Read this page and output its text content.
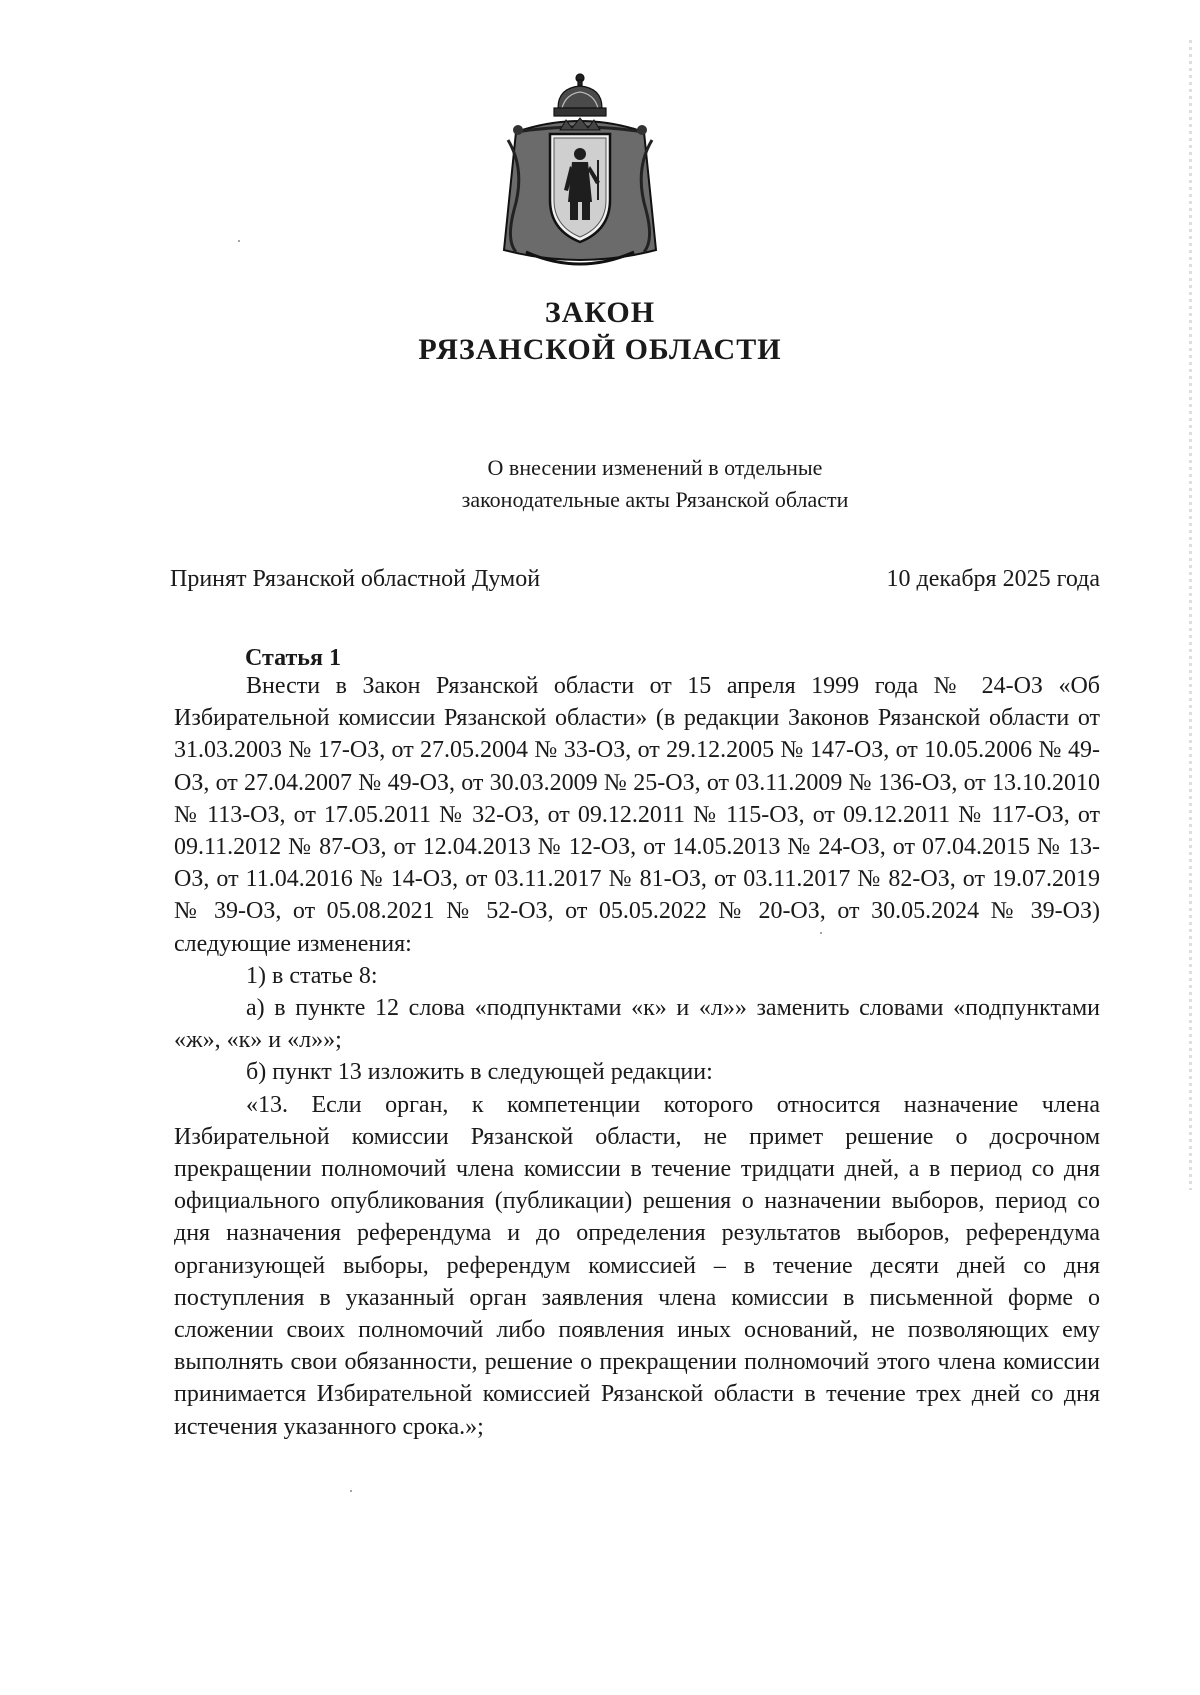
ЗАКОН
РЯЗАНСКОЙ ОБЛАСТИ
О внесении изменений в отдельные
законодательные акты Рязанской области
Принят Рязанской областной Думой	10 декабря 2025 года
Статья 1

Внести в Закон Рязанской области от 15 апреля 1999 года № 24-ОЗ «Об Избирательной комиссии Рязанской области» (в редакции Законов Рязанской области от 31.03.2003 № 17-ОЗ, от 27.05.2004 № 33-ОЗ, от 29.12.2005 № 147-ОЗ, от 10.05.2006 № 49-ОЗ, от 27.04.2007 № 49-ОЗ, от 30.03.2009 № 25-ОЗ, от 03.11.2009 № 136-ОЗ, от 13.10.2010 № 113-ОЗ, от 17.05.2011 № 32-ОЗ, от 09.12.2011 № 115-ОЗ, от 09.12.2011 № 117-ОЗ, от 09.11.2012 № 87-ОЗ, от 12.04.2013 № 12-ОЗ, от 14.05.2013 № 24-ОЗ, от 07.04.2015 № 13-ОЗ, от 11.04.2016 № 14-ОЗ, от 03.11.2017 № 81-ОЗ, от 03.11.2017 № 82-ОЗ, от 19.07.2019 № 39-ОЗ, от 05.08.2021 № 52-ОЗ, от 05.05.2022 № 20-ОЗ, от 30.05.2024 № 39-ОЗ) следующие изменения:

1) в статье 8:

а) в пункте 12 слова «подпунктами «к» и «л»» заменить словами «подпунктами «ж», «к» и «л»»;

б) пункт 13 изложить в следующей редакции:

«13. Если орган, к компетенции которого относится назначение члена Избирательной комиссии Рязанской области, не примет решение о досрочном прекращении полномочий члена комиссии в течение тридцати дней, а в период со дня официального опубликования (публикации) решения о назначении выборов, период со дня назначения референдума и до определения результатов выборов, референдума организующей выборы, референдум комиссией – в течение десяти дней со дня поступления в указанный орган заявления члена комиссии в письменной форме о сложении своих полномочий либо появления иных оснований, не позволяющих ему выполнять свои обязанности, решение о прекращении полномочий этого члена комиссии принимается Избирательной комиссией Рязанской области в течение трех дней со дня истечения указанного срока.»;
